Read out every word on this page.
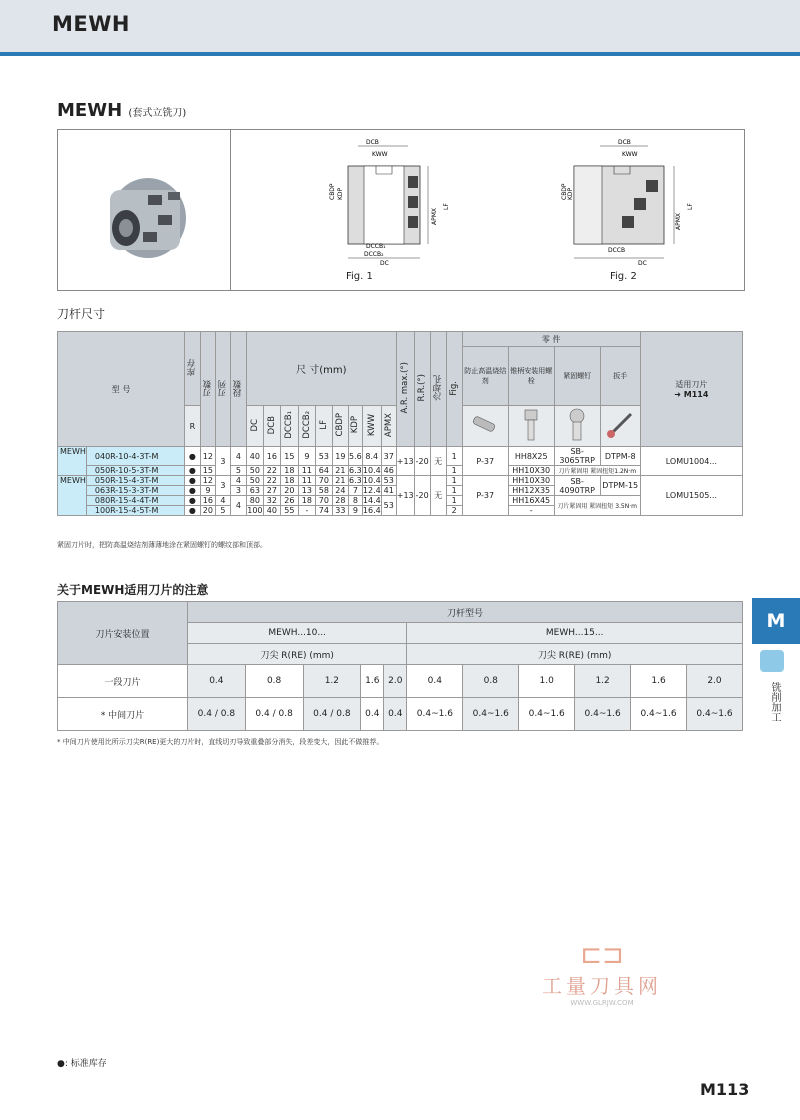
MEWH
MEWH (套式立铣刀)
DCB
KWW
CBDP KDP
APMX
LF
DCCB₁
DCCB₂
DC
Fig. 1
DCB
KWW
CBDP KDP
APMX
LF
DCCB
DC
Fig. 2
刀杆尺寸
型 号		库存	刃数	刃列	段数	尺 寸(mm)									A.R. max.(°)	R.R.(°)	冷却孔	Fig.	零 件				适用刀片
➜ M114

																			防止高温烧结剂	锥柄安装用螺栓	紧固螺钉	扳手	
		R				DC	DCB	DCCB₁	DCCB₂	LF	CBDP	KDP	KWW	APMX				
MEWH	040R-10-4-3T-M	●	12	3	4	40	16	15	9	53	19	5.6	8.4	37	+13	-20	无	1	P-37	HH8X25	SB-3065TRP	DTPM-8	LOMU1004...
	050R-10-5-3T-M	●	15		5	50	22	18	11	64	21	6.3	10.4	46				1		HH10X30	刀片紧固用 紧固扭矩1.2N·m		
MEWH	050R-15-4-3T-M	●	12	3	4	50	22	18	11	70	21	6.3	10.4	53	+13	-20	无	1	P-37	HH10X30	SB-4090TRP	DTPM-15	LOMU1505...
	063R-15-3-3T-M	●	9		3	63	27	20	13	58	24	7	12.4	41				1		HH12X35			
	080R-15-4-4T-M	●	16	4	4	80	32	26	18	70	28	8	14.4	53				1		HH16X45	刀片紧固用 紧固扭矩 3.5N·m		
	100R-15-4-5T-M	●	20	5		100	40	55	-	74	33	9	16.4					2		-			
紧固刀片时，把防高温烧结剂薄薄地涂在紧固螺钉的螺纹部和顶部。
关于MEWH适用刀片的注意
刀片安装位置	刀杆型号										
	MEWH...10...					MEWH...15...					
	刀尖 R(RE) (mm)					刀尖 R(RE) (mm)					
一段刀片	0.4	0.8	1.2	1.6	2.0	0.4	0.8	1.0	1.2	1.6	2.0
* 中间刀片	0.4 / 0.8	0.4 / 0.8	0.4 / 0.8	0.4	0.4	0.4~1.6	0.4~1.6	0.4~1.6	0.4~1.6	0.4~1.6	0.4~1.6
* 中间刀片使用比所示刀尖R(RE)更大的刀片时，直线切刃导致重叠部分消失，段差变大，因此不做推荐。
M
铣削加工
⊏⊐
工量刀具网
WWW.GLRJW.COM
●: 标准库存
M113
